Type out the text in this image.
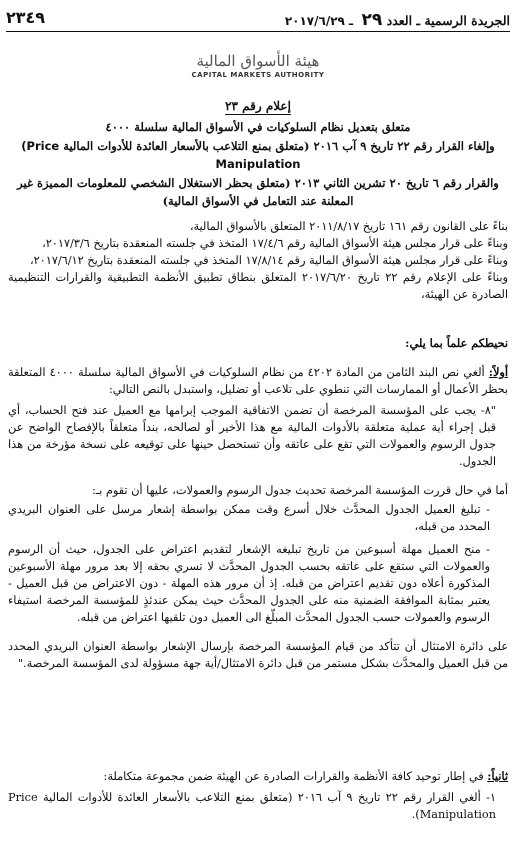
٢٣٤٩	الجريدة الرسمية ـ العدد ٢٩ ـ ٢٠١٧/٦/٢٩
هيئة الأسواق المالية
CAPITAL MARKETS AUTHORITY
إعلام رقم ٢٣
متعلق بتعديل نظام السلوكيات في الأسواق المالية سلسلة ٤٠٠٠
وإلغاء القرار رقم ٢٢ تاريخ ٩ آب ٢٠١٦ (متعلق بمنع التلاعب بالأسعار العائدة للأدوات المالية (Price Manipulation
والقرار رقم ٦ تاريخ ٢٠ تشرين الثاني ٢٠١٣ (متعلق بحظر الاستغلال الشخصي للمعلومات المميزة غير المعلنة عند التعامل في الأسواق المالية)

بناءً على القانون رقم ١٦١ تاريخ ٢٠١١/٨/١٧ المتعلق بالأسواق المالية،

وبناءً على قرار مجلس هيئة الأسواق المالية رقم ١٧/٤/٦ المتخذ في جلسته المنعقدة بتاريخ ٢٠١٧/٣/٦،

وبناءً على قرار مجلس هيئة الأسواق المالية رقم ١٧/٨/١٤ المتخذ في جلسته المنعقدة بتاريخ ٢٠١٧/٦/١٢،

وبناءً على الإعلام رقم ٢٢ تاريخ ٢٠١٧/٦/٢٠ المتعلق بنطاق تطبيق الأنظمة التطبيقية والقرارات التنظيمية الصادرة عن الهيئة،

نحيطكم علماً بما يلي:

أولاً: ألغي نص البند الثامن من المادة ٤٢٠٢ من نظام السلوكيات في الأسواق المالية سلسلة ٤٠٠٠ المتعلقة بحظر الأعمال أو الممارسات التي تنطوي على تلاعب أو تضليل، واستبدل بالنص التالي:

"٨- يجب على المؤسسة المرخصة أن تضمن الاتفاقية الموجب إبرامها مع العميل عند فتح الحساب، أي قبل إجراء أية عملية متعلقة بالأدوات المالية مع هذا الأخير أو لصالحه، بنداً متعلقاً بالإفصاح الواضح عن جدول الرسوم والعمولات التي تقع على عاتقه وأن تستحصل حينها على توقيعه على نسخة مؤرخة من هذا الجدول.

أما في حال قررت المؤسسة المرخصة تحديث جدول الرسوم والعمولات، عليها أن تقوم بـ:

- تبليغ العميل الجدول المحدَّث خلال أسرع وقت ممكن بواسطة إشعار مرسل على العنوان البريدي المحدد من قبله،

- منح العميل مهلة أسبوعين من تاريخ تبليغه الإشعار لتقديم اعتراض على الجدول، حيث أن الرسوم والعمولات التي ستقع على عاتقه بحسب الجدول المحدَّث لا تسري بحقه إلا بعد مرور مهلة الأسبوعين المذكورة أعلاه دون تقديم اعتراض من قبله. إذ أن مرور هذه المهلة - دون الاعتراض من قبل العميل - يعتبر بمثابة الموافقة الضمنية منه على الجدول المحدَّث حيث يمكن عندئذٍ للمؤسسة المرخصة استيفاء الرسوم والعمولات حسب الجدول المحدَّث المبلّغ الى العميل دون تلقيها اعتراض من قبله.

على دائرة الامتثال أن تتأكد من قيام المؤسسة المرخصة بإرسال الإشعار بواسطة العنوان البريدي المحدد من قبل العميل والمحدَّث بشكل مستمر من قبل دائرة الامتثال/أية جهة مسؤولة لدى المؤسسة المرخصة."

ثانياً: في إطار توحيد كافة الأنظمة والقرارات الصادرة عن الهيئة ضمن مجموعة متكاملة:

١- ألغي القرار رقم ٢٢ تاريخ ٩ آب ٢٠١٦ (متعلق بمنع التلاعب بالأسعار العائدة للأدوات المالية Price Manipulation).
